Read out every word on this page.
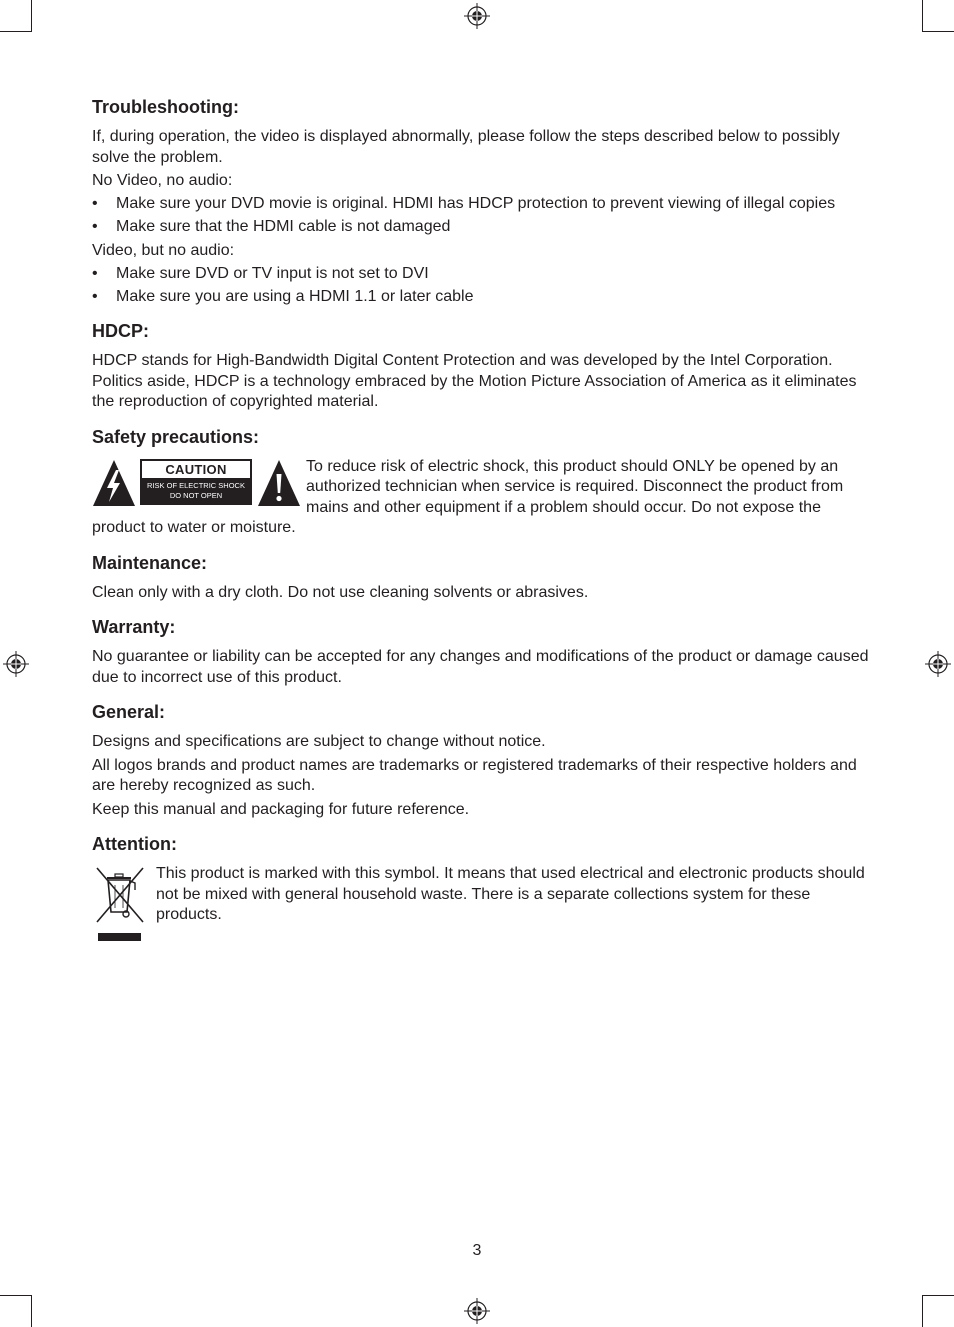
Troubleshooting:

If, during operation, the video is displayed abnormally, please follow the steps described below to possibly solve the problem.

No Video, no audio:

•	Make sure your DVD movie is original. HDMI has HDCP protection to prevent viewing of illegal copies
•	Make sure that the HDMI cable is not damaged

Video, but no audio:

•	Make sure DVD or TV input is not set to DVI
•	Make sure you are using a HDMI 1.1 or later cable
HDCP:

HDCP stands for High-Bandwidth Digital Content Protection and was developed by the Intel Corporation. Politics aside, HDCP is a technology embraced by the Motion Picture Association of America as it eliminates the reproduction of copyrighted material.

Safety precautions:
CAUTION
RISK OF ELECTRIC SHOCK
DO NOT OPEN

To reduce risk of electric shock, this product should ONLY be opened by an authorized technician when service is required. Disconnect the product from mains and other equipment if a problem should occur. Do not expose the product to water or moisture.

Maintenance:

Clean only with a dry cloth. Do not use cleaning solvents or abrasives.

Warranty:

No guarantee or liability can be accepted for any changes and modifications of the product or damage caused due to incorrect use of this product.

General:

Designs and specifications are subject to change without notice.

All logos brands and product names are trademarks or registered trademarks of their respective holders and are hereby recognized as such.

Keep this manual and packaging for future reference.

Attention:

This product is marked with this symbol. It means that used electrical and electronic products should not be mixed with general household waste. There is a separate collections system for these products.

3
